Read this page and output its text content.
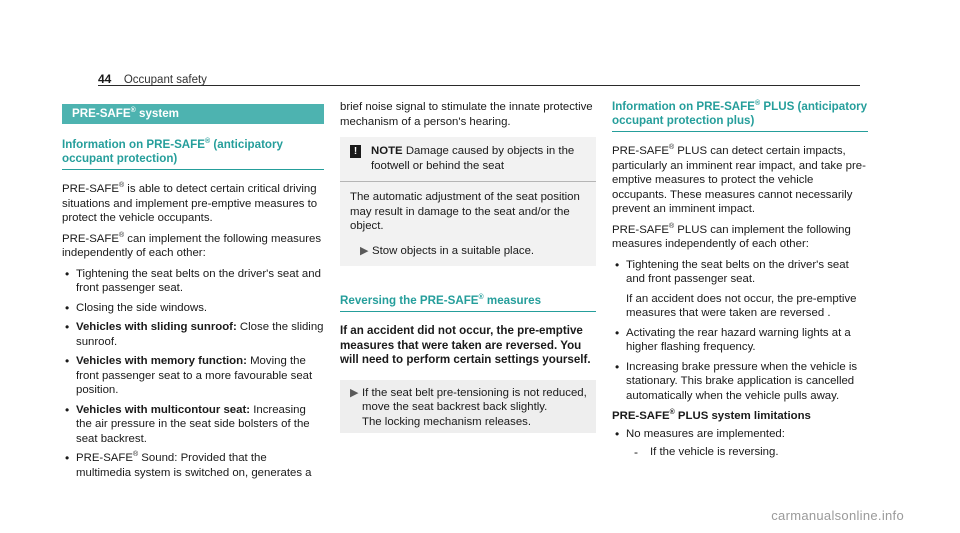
44 Occupant safety
PRE-SAFE® system
Information on PRE-SAFE® (anticipatory occupant protection)

PRE-SAFE® is able to detect certain critical driving situations and implement pre-emptive measures to protect the vehicle occupants.

PRE-SAFE® can implement the following measures independently of each other:

• Tightening the seat belts on the driver's seat and front passenger seat.
• Closing the side windows.
• Vehicles with sliding sunroof: Close the sliding sunroof.
• Vehicles with memory function: Moving the front passenger seat to a more favourable seat position.
• Vehicles with multicontour seat: Increasing the air pressure in the seat side bolsters of the seat backrest.
• PRE-SAFE® Sound: Provided that the multimedia system is switched on, generates a

brief noise signal to stimulate the innate protective mechanism of a person's hearing.

!	NOTE Damage caused by objects in the footwell or behind the seat
The automatic adjustment of the seat position may result in damage to the seat and/or the object.
▶ Stow objects in a suitable place.
Reversing the PRE-SAFE® measures
If an accident did not occur, the pre-emptive measures that were taken are reversed. You will need to perform certain settings yourself.
▶ If the seat belt pre-tensioning is not reduced, move the seat backrest back slightly.
The locking mechanism releases.
Information on PRE-SAFE® PLUS (anticipatory occupant protection plus)

PRE-SAFE® PLUS can detect certain impacts, particularly an imminent rear impact, and take pre-emptive measures to protect the vehicle occupants. These measures cannot necessarily prevent an imminent impact.

PRE-SAFE® PLUS can implement the following measures independently of each other:

• Tightening the seat belts on the driver's seat and front passenger seat.
If an accident does not occur, the pre-emptive measures that were taken are reversed .
• Activating the rear hazard warning lights at a higher flashing frequency.
• Increasing brake pressure when the vehicle is stationary. This brake application is cancelled automatically when the vehicle pulls away.
PRE-SAFE® PLUS system limitations
• No measures are implemented:
- If the vehicle is reversing.
carmanualsonline.info
